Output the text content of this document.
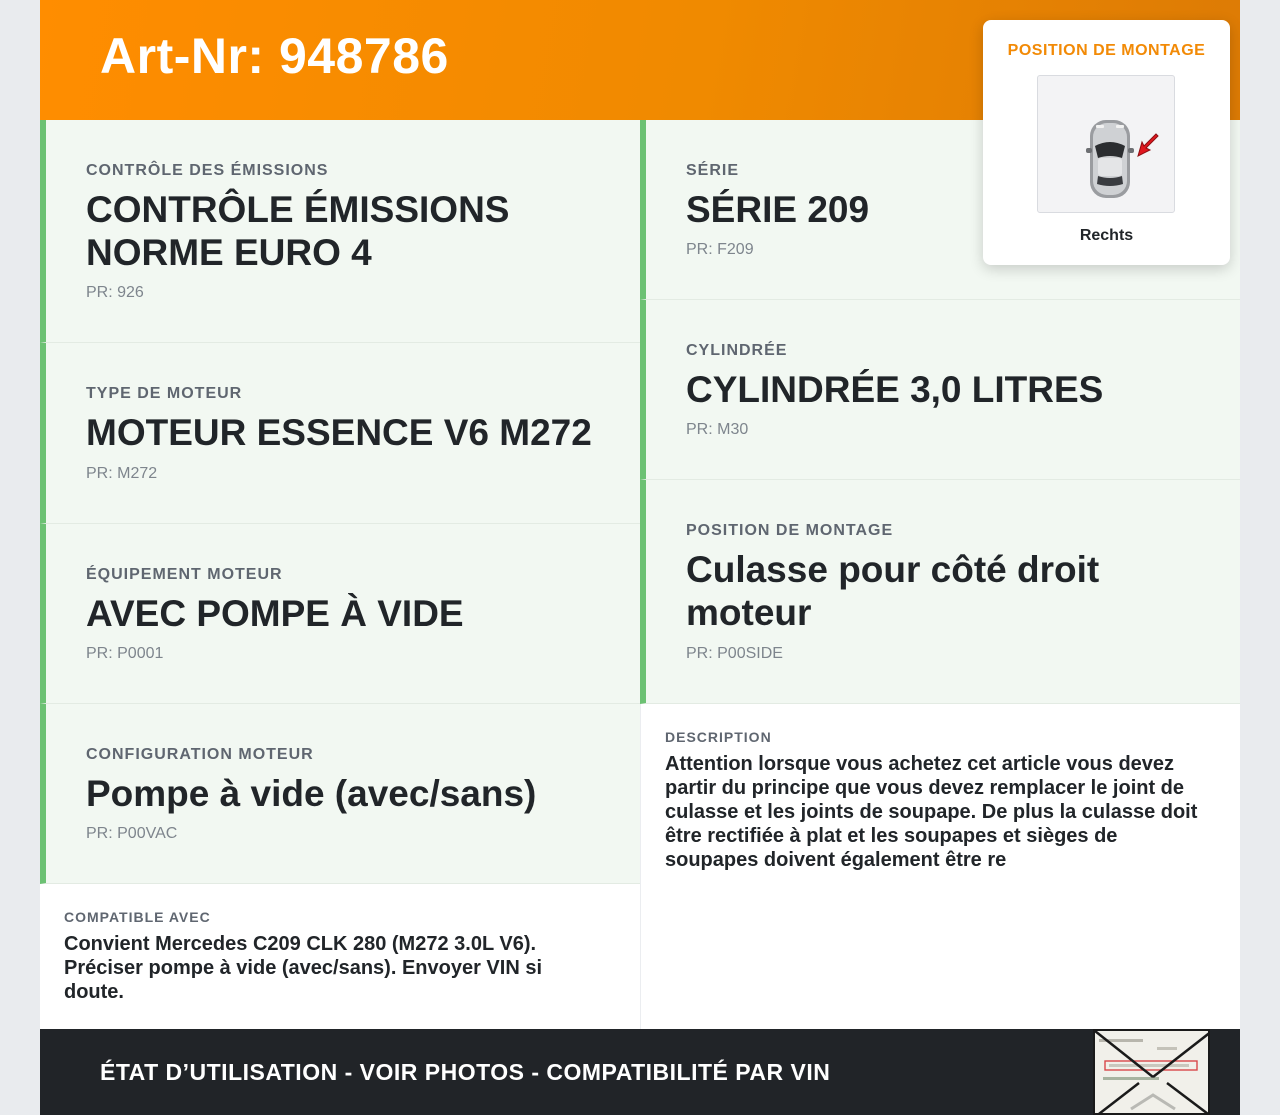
Art-Nr: 948786
CONTRÔLE DES ÉMISSIONS
CONTRÔLE ÉMISSIONS NORME EURO 4
PR: 926
TYPE DE MOTEUR
MOTEUR ESSENCE V6 M272
PR: M272
ÉQUIPEMENT MOTEUR
AVEC POMPE À VIDE
PR: P0001
CONFIGURATION MOTEUR
Pompe à vide (avec/sans)
PR: P00VAC
SÉRIE
SÉRIE 209
PR: F209
CYLINDRÉE
CYLINDRÉE 3,0 LITRES
PR: M30
POSITION DE MONTAGE
Culasse pour côté droit moteur
PR: P00SIDE
DESCRIPTION
Attention lorsque vous achetez cet article vous devez partir du principe que vous devez remplacer le joint de culasse et les joints de soupape. De plus la culasse doit être rectifiée à plat et les soupapes et sièges de soupapes doivent également être re
COMPATIBLE AVEC
Convient Mercedes C209 CLK 280 (M272 3.0L V6). Préciser pompe à vide (avec/sans). Envoyer VIN si doute.
ÉTAT D’UTILISATION - VOIR PHOTOS - COMPATIBILITÉ PAR VIN
POSITION DE MONTAGE
Rechts
